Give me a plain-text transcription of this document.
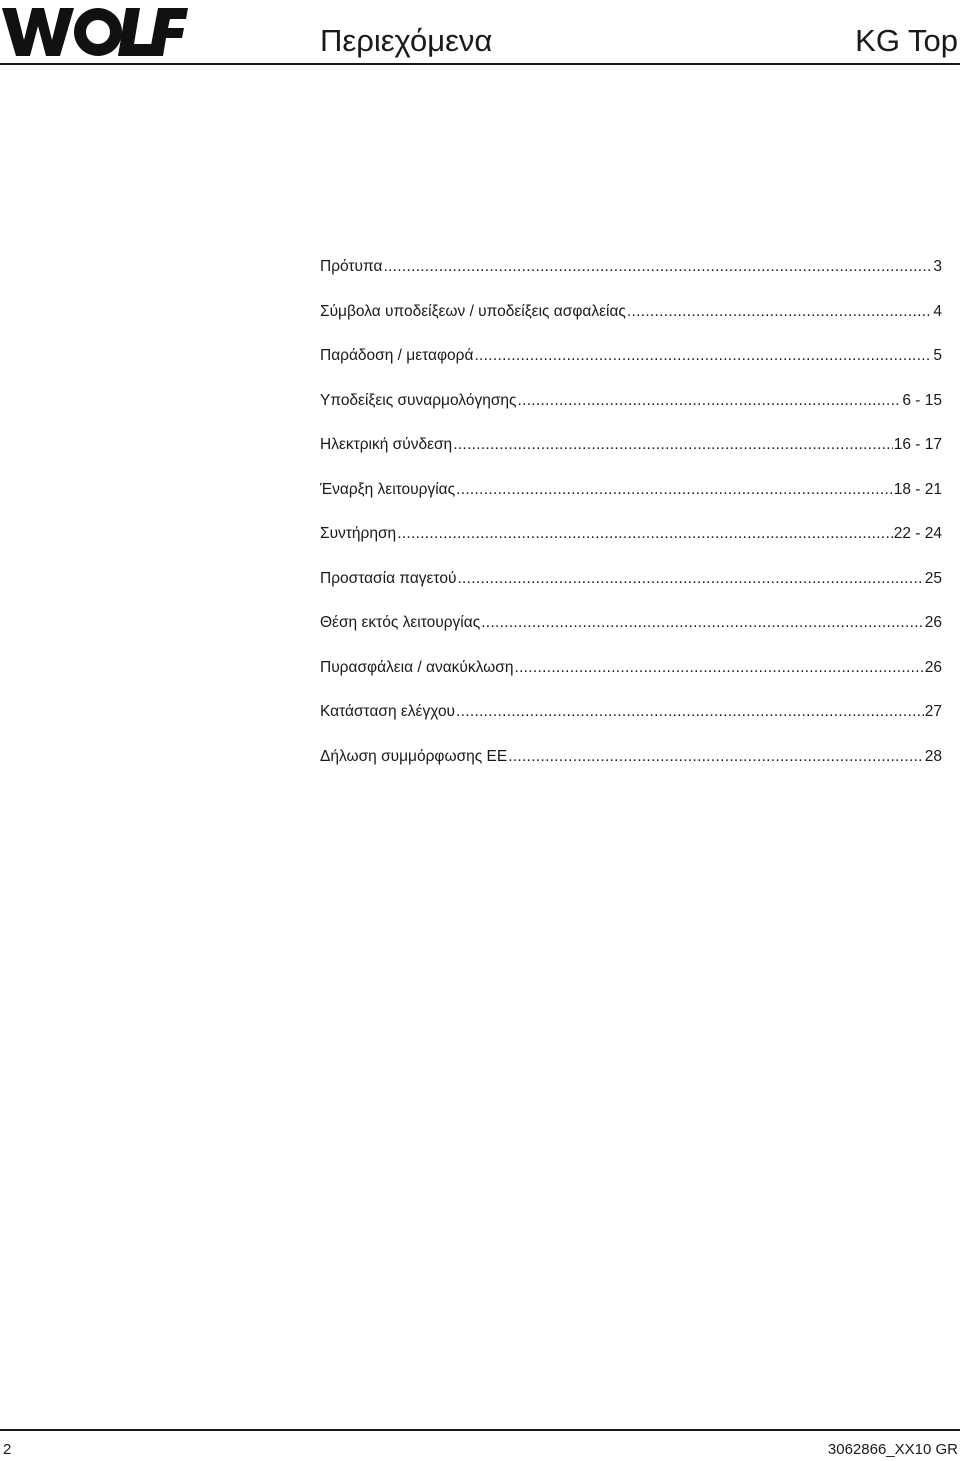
Περιεχόμενα	KG Top
Πρότυπα .....	3
Σύμβολα υποδείξεων / υποδείξεις ασφαλείας .....	4
Παράδοση / μεταφορά .....	5
Υποδείξεις συναρμολόγησης .....	6 - 15
Ηλεκτρική σύνδεση .....	16 - 17
Έναρξη λειτουργίας .....	18 - 21
Συντήρηση .....	22 - 24
Προστασία παγετού .....	25
Θέση εκτός λειτουργίας .....	26
Πυρασφάλεια / ανακύκλωση .....	26
Κατάσταση ελέγχου .....	27
Δήλωση συμμόρφωσης ΕΕ .....	28
2	3062866_XX10 GR
